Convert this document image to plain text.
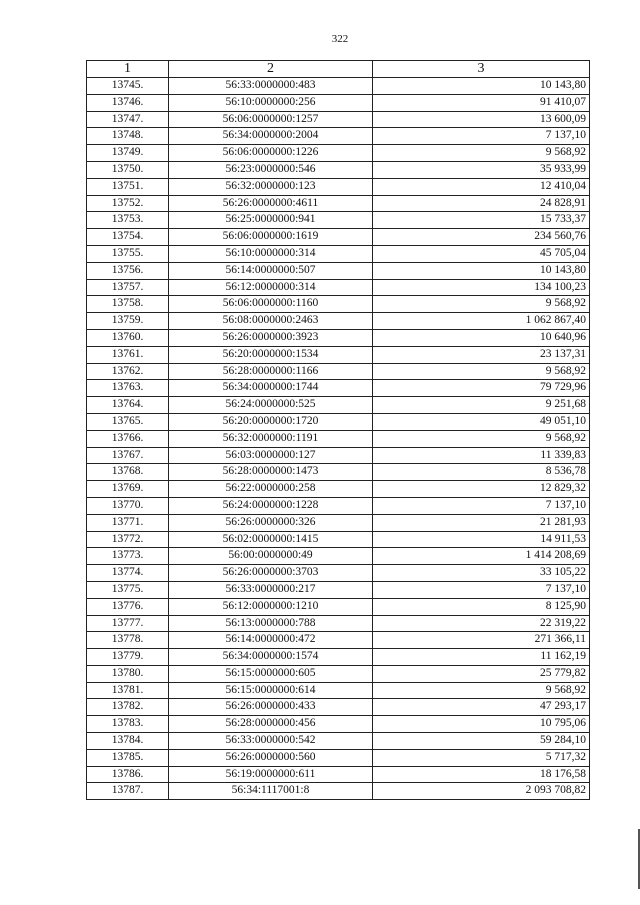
322
1	2	3
13745.	56:33:0000000:483	10 143,80
13746.	56:10:0000000:256	91 410,07
13747.	56:06:0000000:1257	13 600,09
13748.	56:34:0000000:2004	7 137,10
13749.	56:06:0000000:1226	9 568,92
13750.	56:23:0000000:546	35 933,99
13751.	56:32:0000000:123	12 410,04
13752.	56:26:0000000:4611	24 828,91
13753.	56:25:0000000:941	15 733,37
13754.	56:06:0000000:1619	234 560,76
13755.	56:10:0000000:314	45 705,04
13756.	56:14:0000000:507	10 143,80
13757.	56:12:0000000:314	134 100,23
13758.	56:06:0000000:1160	9 568,92
13759.	56:08:0000000:2463	1 062 867,40
13760.	56:26:0000000:3923	10 640,96
13761.	56:20:0000000:1534	23 137,31
13762.	56:28:0000000:1166	9 568,92
13763.	56:34:0000000:1744	79 729,96
13764.	56:24:0000000:525	9 251,68
13765.	56:20:0000000:1720	49 051,10
13766.	56:32:0000000:1191	9 568,92
13767.	56:03:0000000:127	11 339,83
13768.	56:28:0000000:1473	8 536,78
13769.	56:22:0000000:258	12 829,32
13770.	56:24:0000000:1228	7 137,10
13771.	56:26:0000000:326	21 281,93
13772.	56:02:0000000:1415	14 911,53
13773.	56:00:0000000:49	1 414 208,69
13774.	56:26:0000000:3703	33 105,22
13775.	56:33:0000000:217	7 137,10
13776.	56:12:0000000:1210	8 125,90
13777.	56:13:0000000:788	22 319,22
13778.	56:14:0000000:472	271 366,11
13779.	56:34:0000000:1574	11 162,19
13780.	56:15:0000000:605	25 779,82
13781.	56:15:0000000:614	9 568,92
13782.	56:26:0000000:433	47 293,17
13783.	56:28:0000000:456	10 795,06
13784.	56:33:0000000:542	59 284,10
13785.	56:26:0000000:560	5 717,32
13786.	56:19:0000000:611	18 176,58
13787.	56:34:1117001:8	2 093 708,82
